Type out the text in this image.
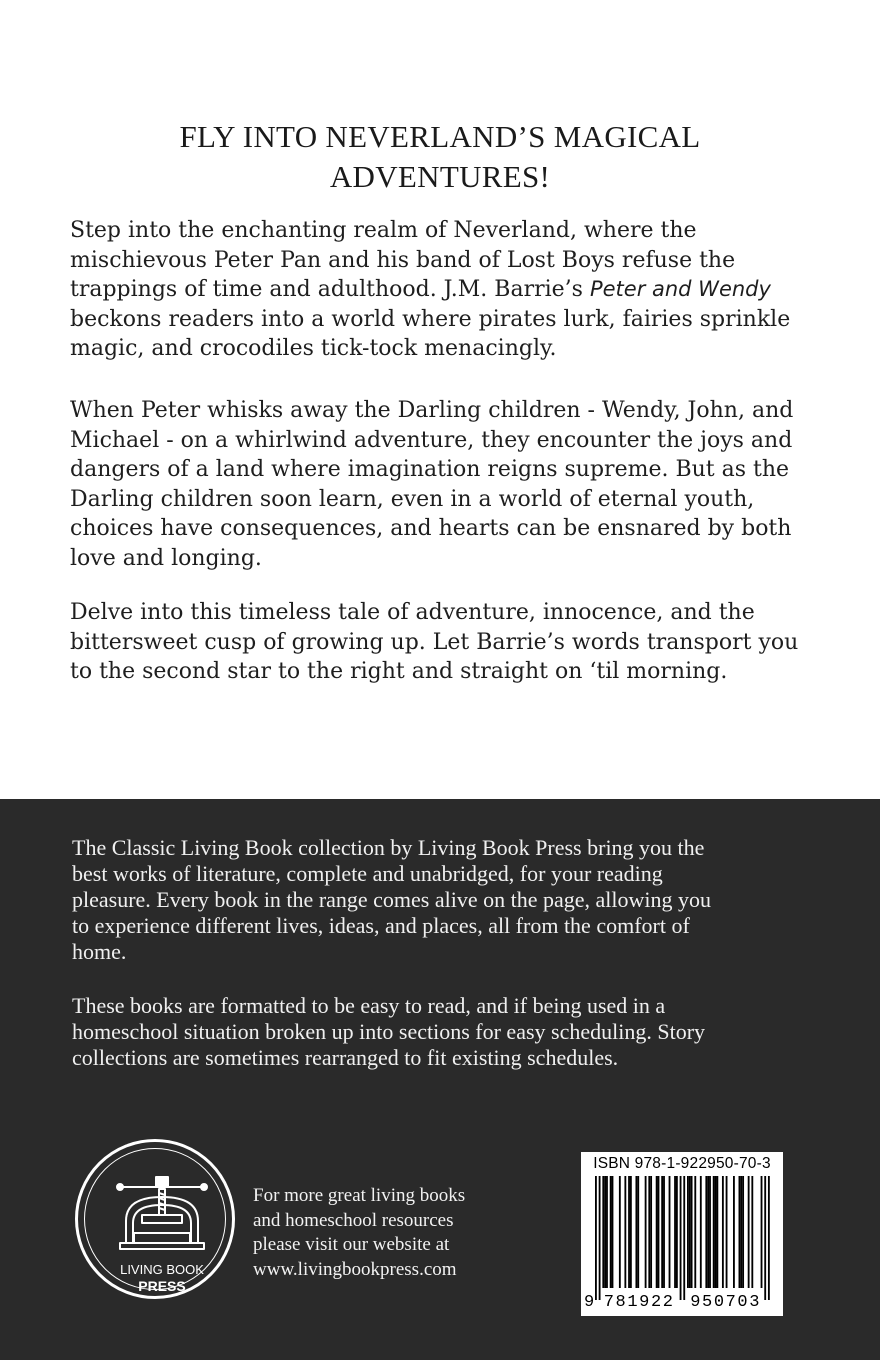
FLY INTO NEVERLAND’S MAGICAL
ADVENTURES!
Step into the enchanting realm of Neverland, where the
mischievous Peter Pan and his band of Lost Boys refuse the
trappings of time and adulthood. J.M. Barrie’s Peter and Wendy
beckons readers into a world where pirates lurk, fairies sprinkle
magic, and crocodiles tick-tock menacingly.
When Peter whisks away the Darling children - Wendy, John, and
Michael - on a whirlwind adventure, they encounter the joys and
dangers of a land where imagination reigns supreme. But as the
Darling children soon learn, even in a world of eternal youth,
choices have consequences, and hearts can be ensnared by both
love and longing.
Delve into this timeless tale of adventure, innocence, and the
bittersweet cusp of growing up. Let Barrie’s words transport you
to the second star to the right and straight on ‘til morning.
The Classic Living Book collection by Living Book Press bring you the
best works of literature, complete and unabridged, for your reading
pleasure. Every book in the range comes alive on the page, allowing you
to experience different lives, ideas, and places, all from the comfort of
home.
These books are formatted to be easy to read, and if being used in a
homeschool situation broken up into sections for easy scheduling. Story
collections are sometimes rearranged to fit existing schedules.
LIVING BOOK
PRESS
For more great living books
and homeschool resources
please visit our website at
www.livingbookpress.com
ISBN 978-1-922950-70-3
9 781922 950703
